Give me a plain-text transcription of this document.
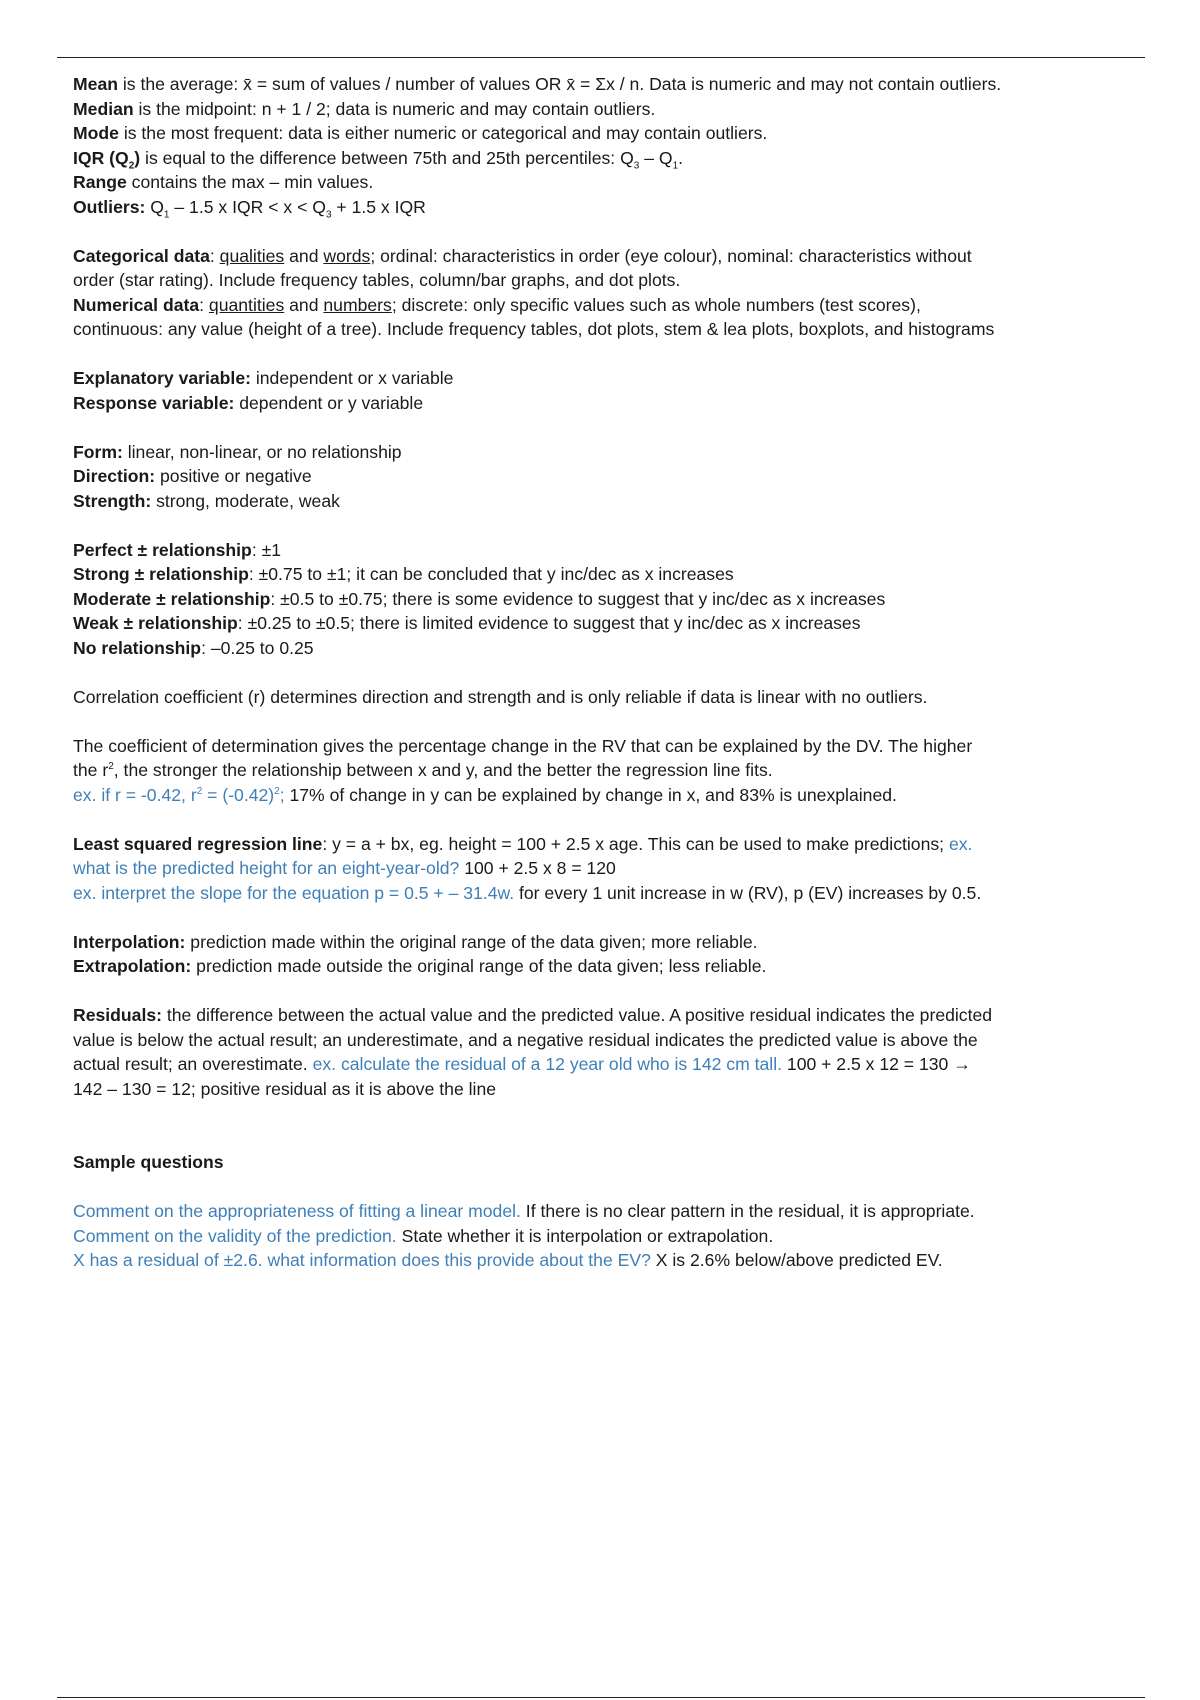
Mean is the average: x̄ = sum of values / number of values OR x̄ = Σx / n. Data is numeric and may not contain outliers.
Median is the midpoint: n + 1 / 2; data is numeric and may contain outliers.
Mode is the most frequent: data is either numeric or categorical and may contain outliers.
IQR $(Q_2)$ is equal to the difference between 75th and 25th percentiles: $Q_3 - Q_1$.
Range contains the max – min values.
Outliers: $Q_1 - 1.5$ x IQR < $x < Q_3 + 1.5$ x IQR
Categorical data: qualities and words; ordinal: characteristics in order (eye colour), nominal: characteristics without
order (star rating). Include frequency tables, column/bar graphs, and dot plots.
Numerical data: quantities and numbers; discrete: only specific values such as whole numbers (test scores),
continuous: any value (height of a tree). Include frequency tables, dot plots, stem & lea plots, boxplots, and histograms
Explanatory variable: independent or x variable
Response variable: dependent or y variable
Form: linear, non-linear, or no relationship
Direction: positive or negative
Strength: strong, moderate, weak
Perfect ± relationship: ±1
Strong ± relationship: ±0.75 to ±1; it can be concluded that y inc/dec as x increases
Moderate ± relationship: ±0.5 to ±0.75; there is some evidence to suggest that y inc/dec as x increases
Weak ± relationship: ±0.25 to ±0.5; there is limited evidence to suggest that y inc/dec as x increases
No relationship: –0.25 to 0.25
Correlation coefficient (r) determines direction and strength and is only reliable if data is linear with no outliers.
The coefficient of determination gives the percentage change in the RV that can be explained by the DV. The higher
the $r^2$, the stronger the relationship between x and y, and the better the regression line fits.
ex. if r = -0.42, $r^2 = (-0.42)^2$; 17% of change in y can be explained by change in x, and 83% is unexplained.
Least squared regression line: y = a + bx, eg. height = 100 + 2.5 x age. This can be used to make predictions; ex.
what is the predicted height for an eight-year-old? 100 + 2.5 x 8 = 120
ex. interpret the slope for the equation p = 0.5 + – 31.4w. for every 1 unit increase in w (RV), p (EV) increases by 0.5.
Interpolation: prediction made within the original range of the data given; more reliable.
Extrapolation: prediction made outside the original range of the data given; less reliable.
Residuals: the difference between the actual value and the predicted value. A positive residual indicates the predicted
value is below the actual result; an underestimate, and a negative residual indicates the predicted value is above the
actual result; an overestimate. ex. calculate the residual of a 12 year old who is 142 cm tall. 100 + 2.5 x 12 = 130 →
142 – 130 = 12; positive residual as it is above the line
Sample questions
Comment on the appropriateness of fitting a linear model. If there is no clear pattern in the residual, it is appropriate.
Comment on the validity of the prediction. State whether it is interpolation or extrapolation.
X has a residual of ±2.6. what information does this provide about the EV? X is 2.6% below/above predicted EV.
